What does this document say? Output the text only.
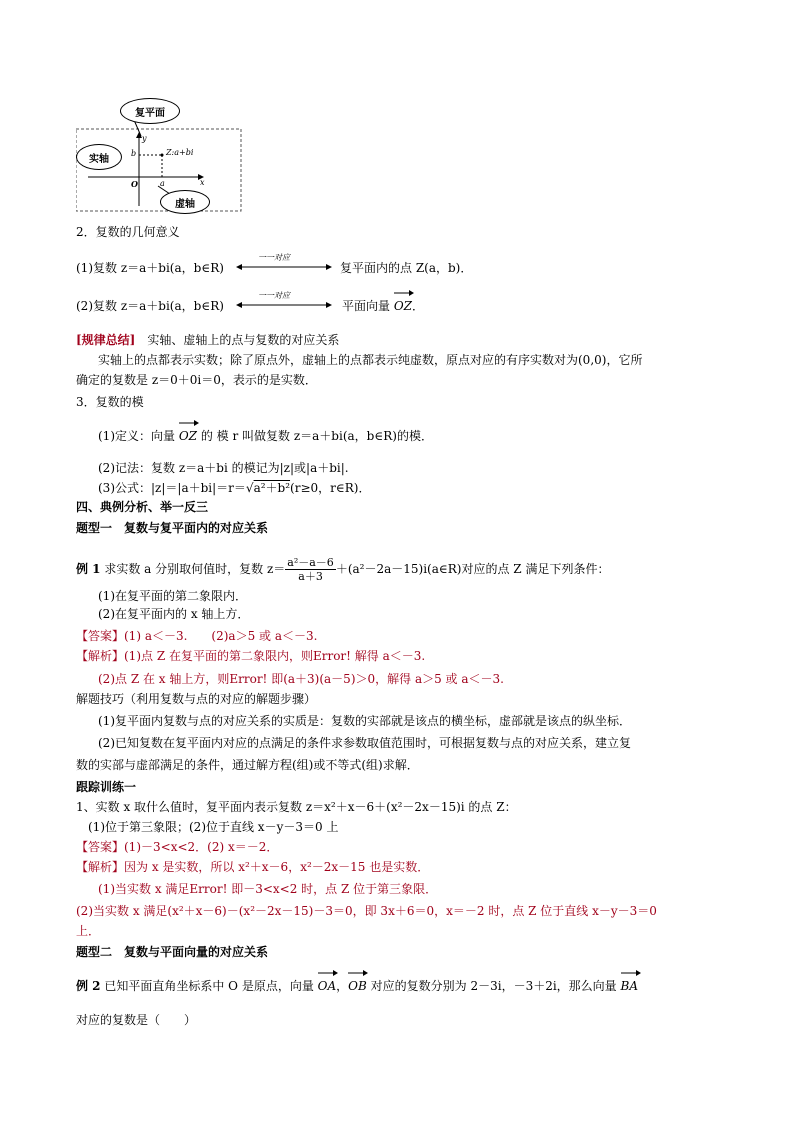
复平面
实轴
虚轴
y
x
b
a
O
Z:a+bi
2．复数的几何意义
(1)复数 z＝a＋bi(a，b∈R)
一一对应
复平面内的点 Z(a，b)．
(2)复数 z＝a＋bi(a，b∈R)
一一对应
平面向量
OZ．
[规律总结]　 实轴、虚轴上的点与复数的对应关系
实轴上的点都表示实数；除了原点外，虚轴上的点都表示纯虚数，原点对应的有序实数对为(0,0)，它所
确定的复数是 z＝0＋0i＝0，表示的是实数．
3．复数的模
(1)定义：向量
OZ 的 模 r 叫做复数 z＝a＋bi(a，b∈R)的模．
(2)记法：复数 z＝a＋bi 的模记为|z|或|a＋bi|.
(3)公式：|z|＝|a＋bi|＝r＝√a²＋b²(r≥0，r∈R)．
四、典例分析、举一反三
题型一　复数与复平面内的对应关系
例 1 求实数 a 分别取何值时，复数 $z= \frac{\text{a²－a－6}}{a+3}$ ＋(a²－2a－15)i(a∈R)对应的点 Z 满足下列条件：
(1)在复平面的第二象限内．
(2)在复平面内的 x 轴上方．
【答案】(1) a＜－3.　　(2)a＞5 或 a＜－3.
【解析】(1)点 Z 在复平面的第二象限内，则Error! 解得 a＜－3.
(2)点 Z 在 x 轴上方，则Error! 即(a＋3)(a－5)＞0，解得 a＞5 或 a＜－3.
解题技巧（利用复数与点的对应的解题步骤）
(1)复平面内复数与点的对应关系的实质是：复数的实部就是该点的横坐标，虚部就是该点的纵坐标．
(2)已知复数在复平面内对应的点满足的条件求参数取值范围时，可根据复数与点的对应关系，建立复
数的实部与虚部满足的条件，通过解方程(组)或不等式(组)求解．
跟踪训练一
1、实数 x 取什么值时，复平面内表示复数 z＝x²＋x－6＋(x²－2x－15)i 的点 Z：
(1)位于第三象限；(2)位于直线 x－y－3＝0 上
【答案】(1)－3<x<2．(2) x＝－2．
【解析】因为 x 是实数，所以 x²＋x－6，x²－2x－15 也是实数．
(1)当实数 x 满足Error! 即－3<x<2 时，点 Z 位于第三象限．
(2)当实数 x 满足(x²＋x－6)－(x²－2x－15)－3＝0，即 3x＋6＝0，x＝－2 时，点 Z 位于直线 x－y－3＝0
上．
题型二　复数与平面向量的对应关系
例 2 已知平面直角坐标系中 O 是原点，向量
OA，
OB 对应的复数分别为 2－3i，－3＋2i，那么向量
BA
对应的复数是（　　）
